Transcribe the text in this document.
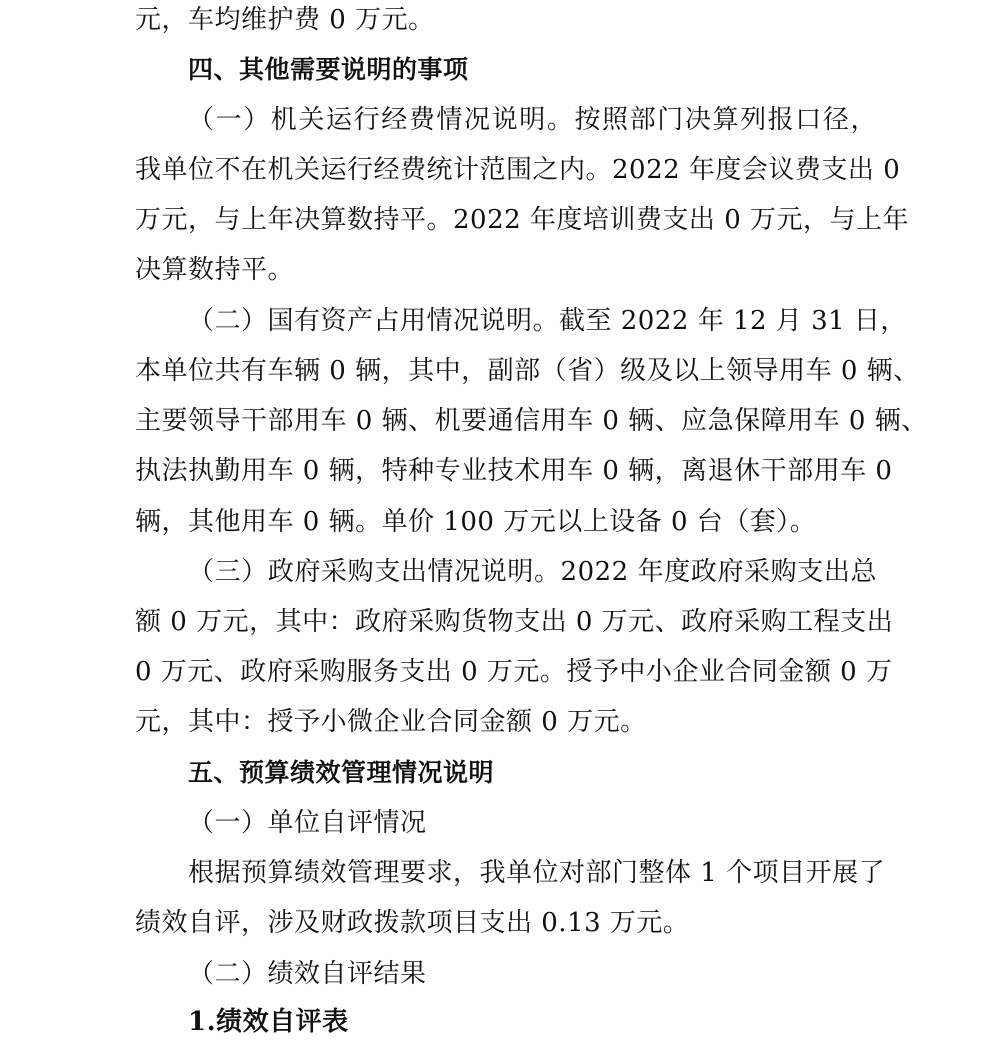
元，车均维护费 0 万元。
四、其他需要说明的事项
（一）机关运行经费情况说明。按照部门决算列报口径，
我单位不在机关运行经费统计范围之内。2022 年度会议费支出 0
万元，与上年决算数持平。2022 年度培训费支出 0 万元，与上年
决算数持平。
（二）国有资产占用情况说明。截至 2022 年 12 月 31 日，
本单位共有车辆 0 辆，其中，副部（省）级及以上领导用车 0 辆、
主要领导干部用车 0 辆、机要通信用车 0 辆、应急保障用车 0 辆、
执法执勤用车 0 辆，特种专业技术用车 0 辆，离退休干部用车 0
辆，其他用车 0 辆。单价 100 万元以上设备 0 台（套）。
（三）政府采购支出情况说明。2022 年度政府采购支出总
额 0 万元，其中：政府采购货物支出 0 万元、政府采购工程支出
0 万元、政府采购服务支出 0 万元。授予中小企业合同金额 0 万
元，其中：授予小微企业合同金额 0 万元。
五、预算绩效管理情况说明
（一）单位自评情况
根据预算绩效管理要求，我单位对部门整体 1 个项目开展了
绩效自评，涉及财政拨款项目支出 0.13 万元。
（二）绩效自评结果
1.绩效自评表
